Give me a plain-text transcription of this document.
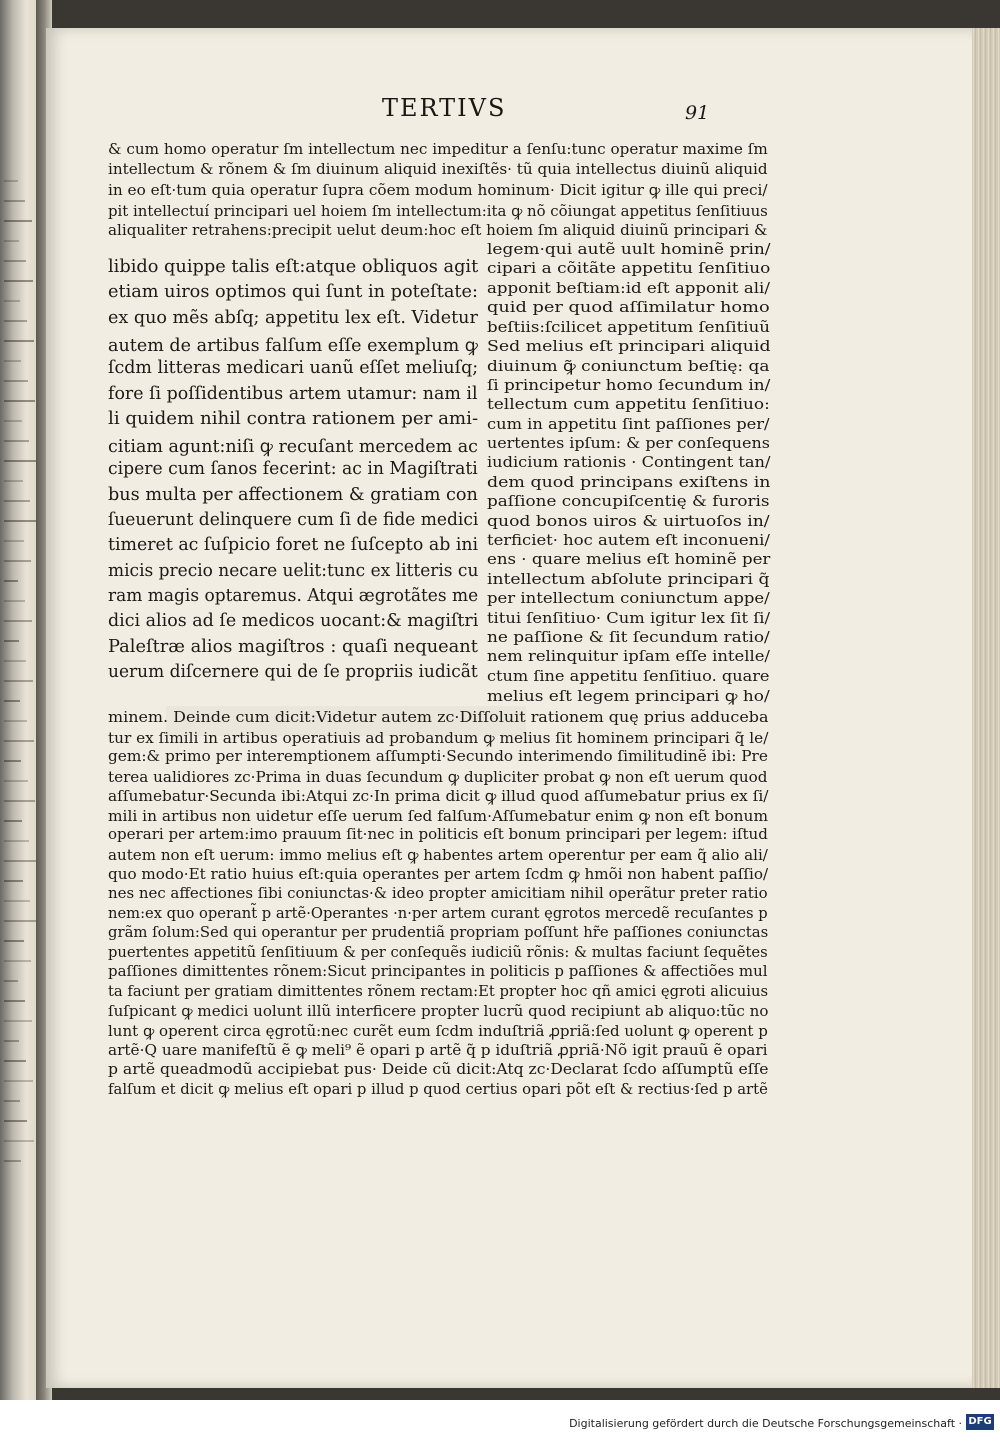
TERTIVS	91
& cum homo operatur ſm intellectum nec impeditur a ſenſu:tunc operatur maxime ſm
intellectum & rõnem & ſm diuinum aliquid inexiſtẽs· tũ quia intellectus diuinũ aliquid
in eo eſt·tum quia operatur ſupra cõem modum hominum· Dicit igitur ꝙ ille qui preci/
pit intellectuí principari uel hoiem ſm intellectum:ita ꝙ nõ cõiungat appetitus ſenſitiuus
aliqualiter retrahens:precipit uelut deum:hoc eſt hoiem ſm aliquid diuinũ principari &
libido quippe talis eſt:atque obliquos agit
etiam uiros optimos qui ſunt in poteſtate:
ex quo mẽs abſq; appetitu lex eſt. Videtur
autem de artibus falſum eſſe exemplum ꝙ
ſcdm litteras medicari uanũ eſſet meliuſq;
fore ſi poſſidentibus artem utamur: nam il
li quidem nihil contra rationem per ami-
citiam agunt:niſi ꝙ recuſant mercedem ac
cipere cum ſanos fecerint: ac in Magiſtrati
bus multa per affectionem & gratiam con
ſueuerunt delinquere cum ſi de fide medici
timeret ac ſuſpicio foret ne ſuſcepto ab ini
micis precio necare uelit:tunc ex litteris cu
ram magis optaremus. Atqui ægrotãtes me
dici alios ad ſe medicos uocant:& magiſtri
Paleſtræ alios magiſtros : quaſi nequeant
uerum diſcernere qui de ſe propriis iudicãt
legem·qui autẽ uult hominẽ prin/
cipari a cõitãte appetitu ſenſitiuo
apponit beſtiam:id eſt apponit ali/
quid per quod aſſimilatur homo
beſtiis:ſcilicet appetitum ſenſitiuũ
Sed melius eſt principari aliquid
diuinum ꝙ̃ coniunctum beſtię: qa
ſi principetur homo ſecundum in/
tellectum cum appetitu ſenſitiuo:
cum in appetitu ſint paſſiones per/
uertentes ipſum: & per conſequens
iudicium rationis · Contingent tan/
dem quod principans exiſtens in
paſſione concupiſcentię & furoris
quod bonos uiros & uirtuoſos in/
terficiet· hoc autem eſt inconueni/
ens · quare melius eſt hominẽ per
intellectum abſolute principari q̃
per intellectum coniunctum appe/
titui ſenſitiuo· Cum igitur lex ſit ſi/
ne paſſione & ſit ſecundum ratio/
nem relinquitur ipſam eſſe intelle/
ctum ſine appetitu ſenſitiuo. quare
melius eſt legem principari ꝙ ho/
minem. Deinde cum dicit:Videtur autem zc·Diſſoluit rationem quę prius adduceba
tur ex ſimili in artibus operatiuis ad probandum ꝙ melius ſit hominem principari q̃ le/
gem:& primo per interemptionem aſſumpti·Secundo interimendo ſimilitudinẽ ibi: Pre
terea ualidiores zc·Prima in duas ſecundum ꝙ dupliciter probat ꝙ non eſt uerum quod
aſſumebatur·Secunda ibi:Atqui zc·In prima dicit ꝙ illud quod aſſumebatur prius ex ſi/
mili in artibus non uidetur eſſe uerum ſed falſum·Aſſumebatur enim ꝙ non eſt bonum
operari per artem:imo prauum ſit·nec in politicis eſt bonum principari per legem: iſtud
autem non eſt uerum: immo melius eſt ꝙ habentes artem operentur per eam q̃ alio ali/
quo modo·Et ratio huius eſt:quia operantes per artem ſcdm ꝙ hmõi non habent paſſio/
nes nec affectiones ſibi coniunctas·& ideo propter amicitiam nihil operãtur preter ratio
nem:ex quo operant̃ p artẽ·Operantes ·n·per artem curant ęgrotos mercedẽ recuſantes p
grãm ſolum:Sed qui operantur per prudentiã propriam poſſunt hr̃e paſſiones coniunctas
puertentes appetitũ ſenſitiuum & per conſequẽs iudiciũ rõnis: & multas faciunt ſequẽtes
paſſiones dimittentes rõnem:Sicut principantes in politicis p paſſiones & affectiões mul
ta faciunt per gratiam dimittentes rõnem rectam:Et propter hoc qñ amici ęgroti alicuius
ſuſpicant ꝙ medici uolunt illũ interficere propter lucrũ quod recipiunt ab aliquo:tũc no
lunt ꝙ operent circa ęgrotũ:nec curẽt eum ſcdm induſtriã ꝓpriã:ſed uolunt ꝙ operent p
artẽ·Q uare manifeſtũ ẽ ꝙ meli⁹ ẽ opari p artẽ q̃ p iduſtriã ꝓpriã·Nõ igit prauũ ẽ opari
p artẽ queadmodũ accipiebat pus· Deide cũ dicit:Atq zc·Declarat ſcdo aſſumptũ eſſe
falſum et dicit ꝙ melius eſt opari p illud p quod certius opari põt eſt & rectius·ſed p artẽ
Digitalisierung gefördert durch die Deutsche Forschungsgemeinschaft · DFG
